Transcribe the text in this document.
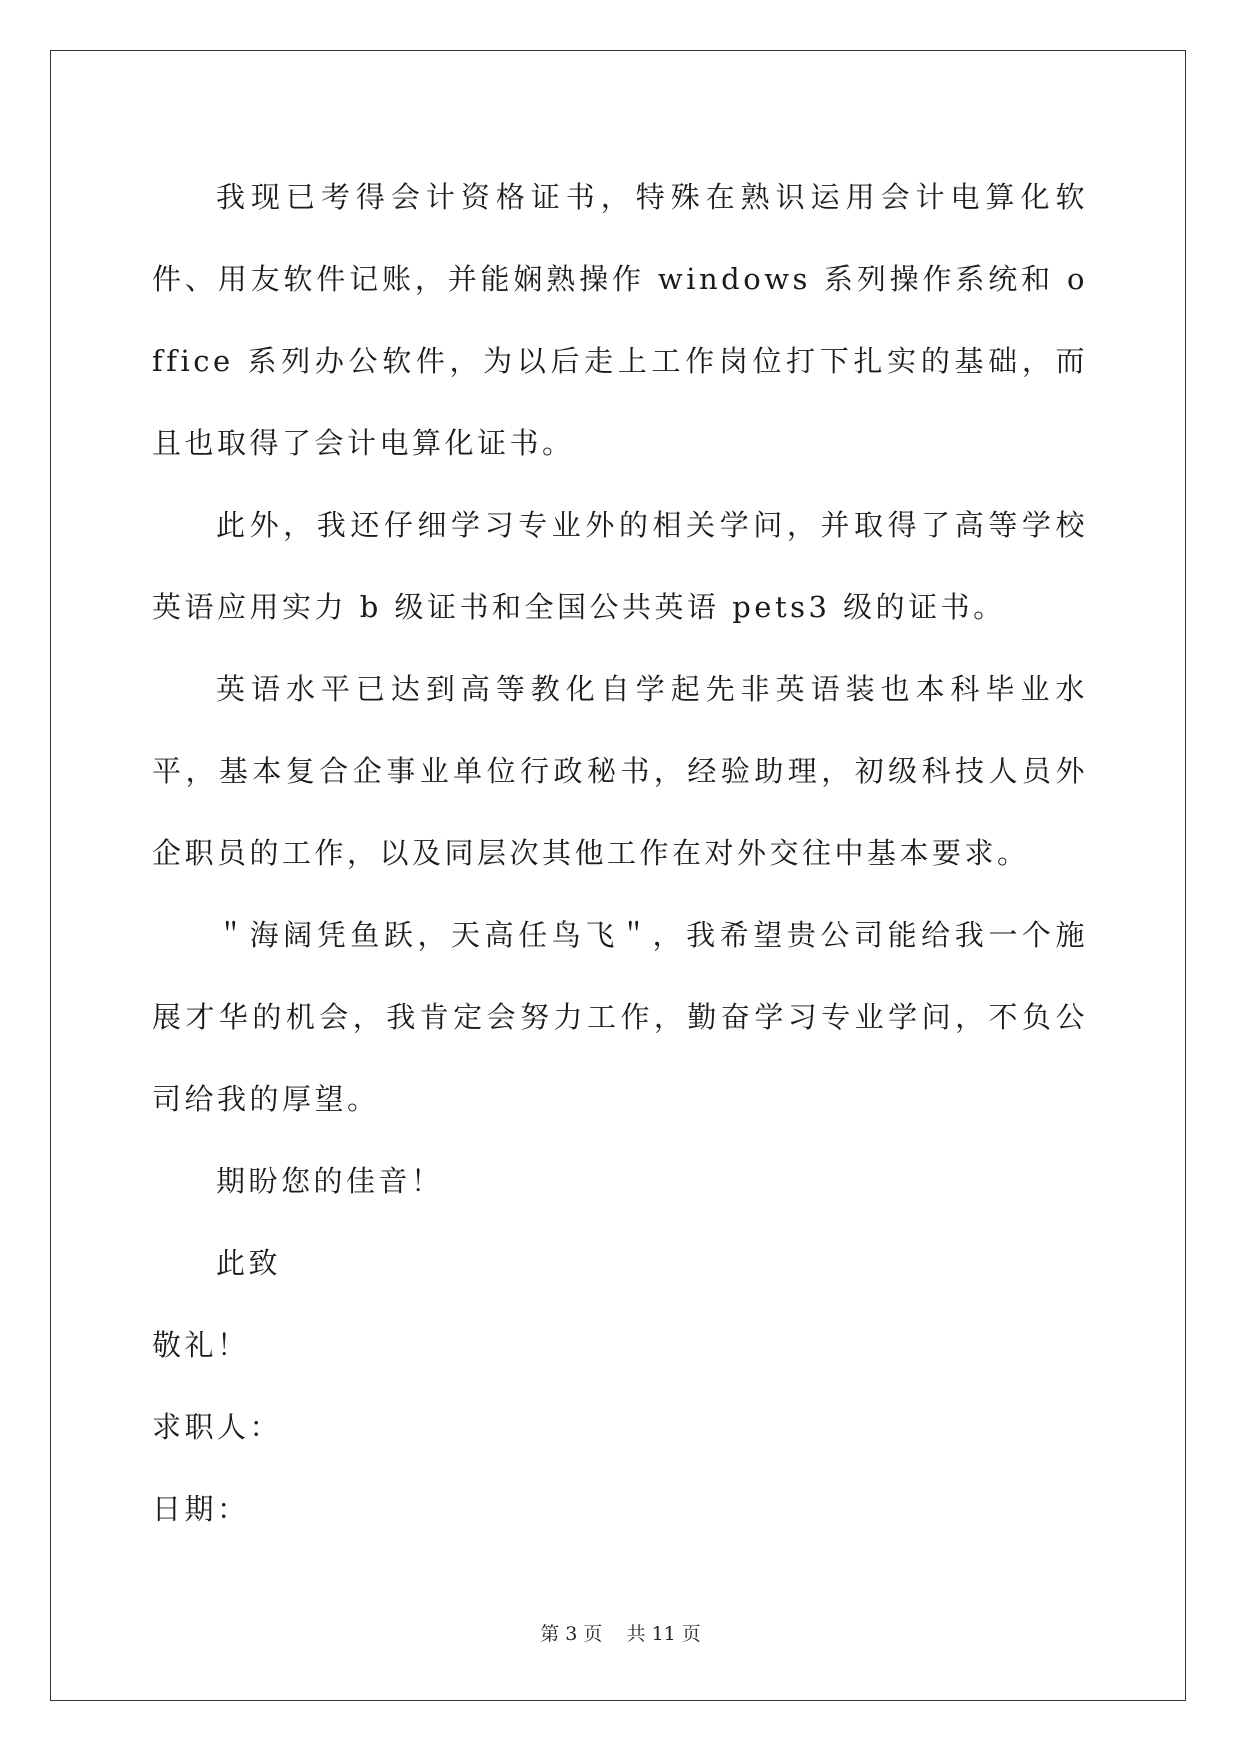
我现已考得会计资格证书，特殊在熟识运用会计电算化软件、用友软件记账，并能娴熟操作 windows 系列操作系统和 office 系列办公软件，为以后走上工作岗位打下扎实的基础，而且也取得了会计电算化证书。

此外，我还仔细学习专业外的相关学问，并取得了高等学校英语应用实力 b 级证书和全国公共英语 pets3 级的证书。

英语水平已达到高等教化自学起先非英语装也本科毕业水平，基本复合企事业单位行政秘书，经验助理，初级科技人员外企职员的工作，以及同层次其他工作在对外交往中基本要求。

＂海阔凭鱼跃，天高任鸟飞＂，我希望贵公司能给我一个施展才华的机会，我肯定会努力工作，勤奋学习专业学问，不负公司给我的厚望。

期盼您的佳音！

此致

敬礼！

求职人：

日期：

第 3 页    共 11 页
